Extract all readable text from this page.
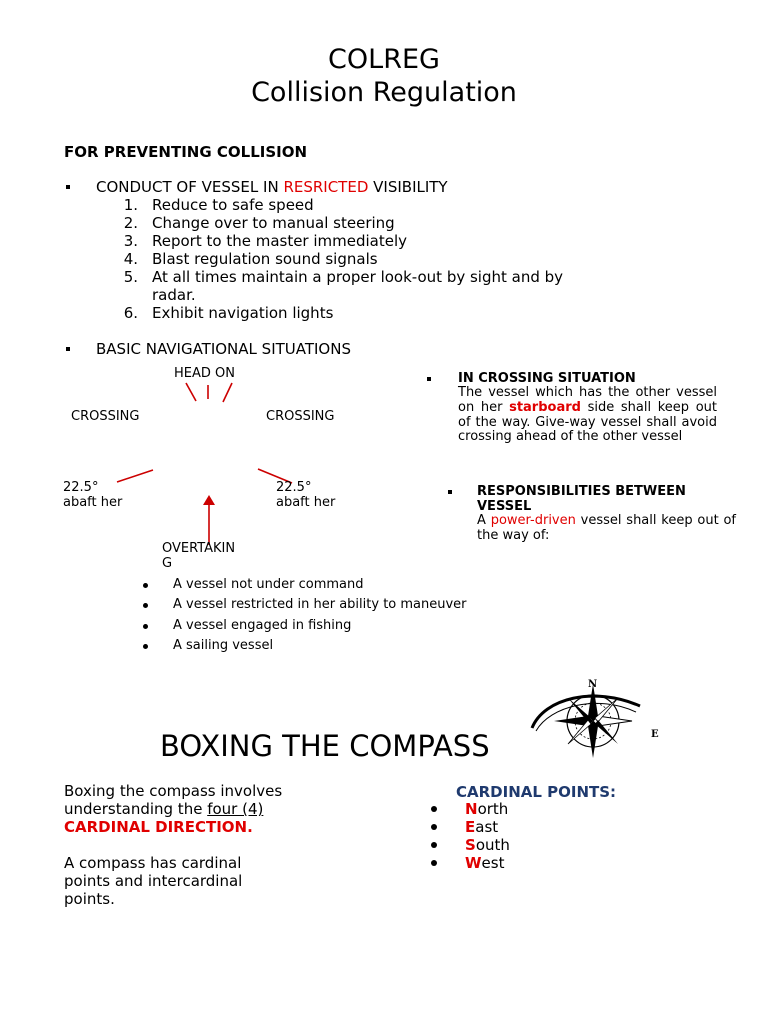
COLREG
Collision Regulation
FOR PREVENTING COLLISION
CONDUCT OF VESSEL IN RESRICTED VISIBILITY
1. Reduce to safe speed
2. Change over to manual steering
3. Report to the master immediately
4. Blast regulation sound signals
5. At all times maintain a proper look-out by sight and by
radar.
6. Exhibit navigation lights
BASIC NAVIGATIONAL SITUATIONS
HEAD ON
CROSSING	CROSSING
22.5°
abaft her
22.5°
abaft her
OVERTAKIN
G
IN CROSSING SITUATION
The vessel which has the other vessel on her starboard side shall keep out of the way. Give-way vessel shall avoid crossing ahead of the other vessel
RESPONSIBILITIES BETWEEN
VESSEL
A power-driven vessel shall keep out of the way of:
A vessel not under command
A vessel restricted in her ability to maneuver
A vessel engaged in fishing
A sailing vessel
N
E
BOXING THE COMPASS
Boxing the compass involves
understanding the four (4)
CARDINAL DIRECTION.
A compass has cardinal
points and intercardinal
points.
CARDINAL POINTS:
North
East
South
West
